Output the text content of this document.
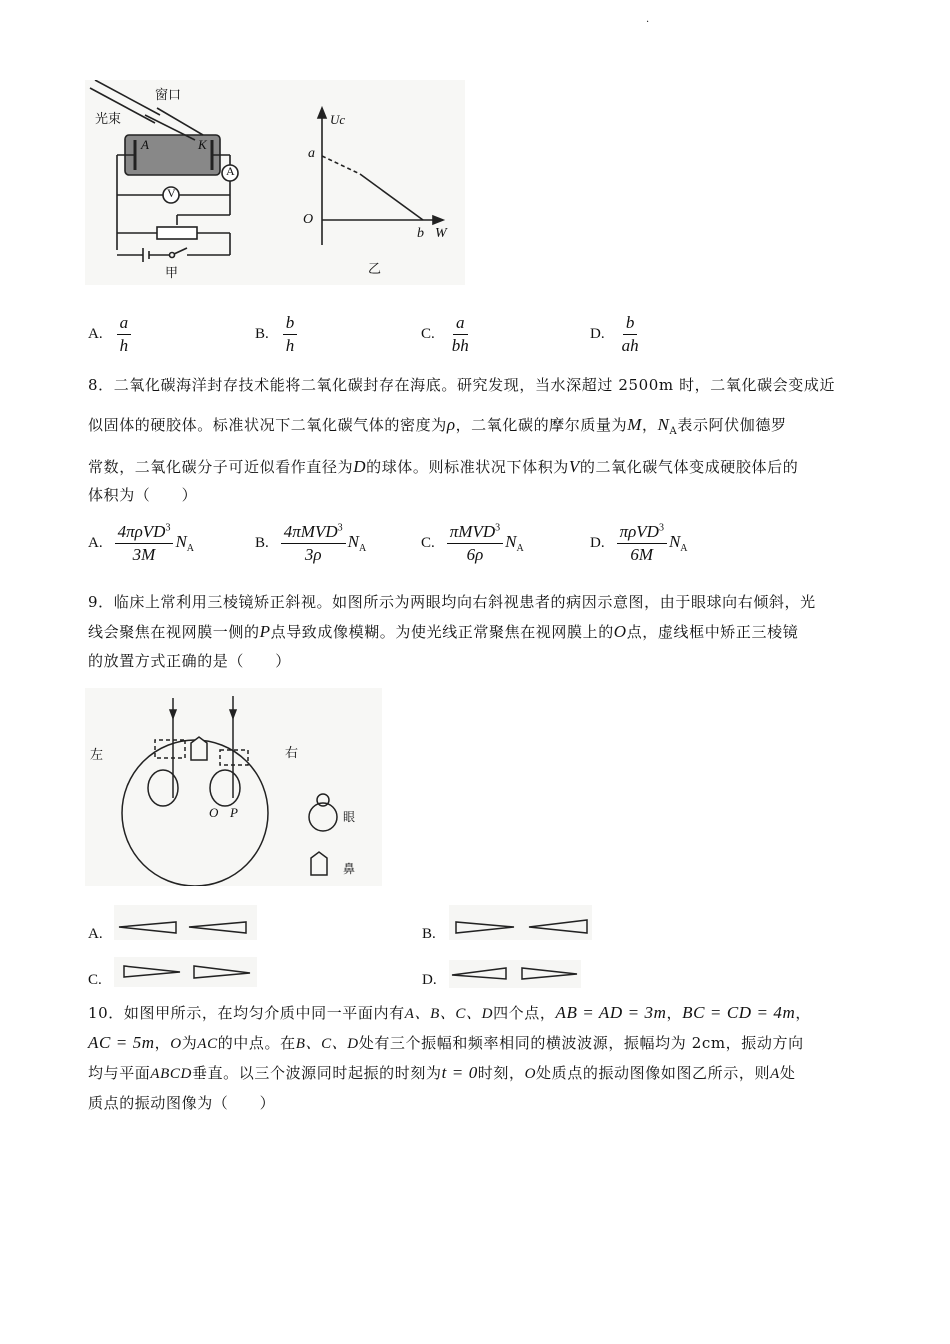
.
窗口
光束
A	K
A
V
甲
Uc
a
O
b W
乙
A. $\frac{a}{h}$	B. $\frac{b}{h}$	C. $\frac{a}{bh}$	D. $\frac{b}{ah}$
8．二氧化碳海洋封存技术能将二氧化碳封存在海底。研究发现，当水深超过 2500m 时，二氧化碳会变成近
似固体的硬胶体。标准状况下二氧化碳气体的密度为ρ，二氧化碳的摩尔质量为M，$N_A$表示阿伏伽德罗
常数，二氧化碳分子可近似看作直径为D的球体。则标准状况下体积为V的二氧化碳气体变成硬胶体后的
体积为（　　）
A. $\frac{4\pi\rho VD^3}{3M} N_A$	B. $\frac{4\pi MVD^3}{3\rho} N_A$	C. $\frac{\pi MVD^3}{6\rho} N_A$	D. $\frac{\pi\rho VD^3}{6M} N_A$
9．临床上常利用三棱镜矫正斜视。如图所示为两眼均向右斜视患者的病因示意图，由于眼球向右倾斜，光
线会聚焦在视网膜一侧的P点导致成像模糊。为使光线正常聚焦在视网膜上的O点，虚线框中矫正三棱镜
的放置方式正确的是（　　）
左	右
O P	眼
鼻
A.	B.
C.	D.
10．如图甲所示，在均匀介质中同一平面内有A、B、C、D四个点，AB = AD = 3m，BC = CD = 4m，
AC = 5m，O为AC的中点。在B、C、D处有三个振幅和频率相同的横波波源，振幅均为 2cm，振动方向
均与平面ABCD垂直。以三个波源同时起振的时刻为t = 0时刻，O处质点的振动图像如图乙所示，则A处
质点的振动图像为（　　）
